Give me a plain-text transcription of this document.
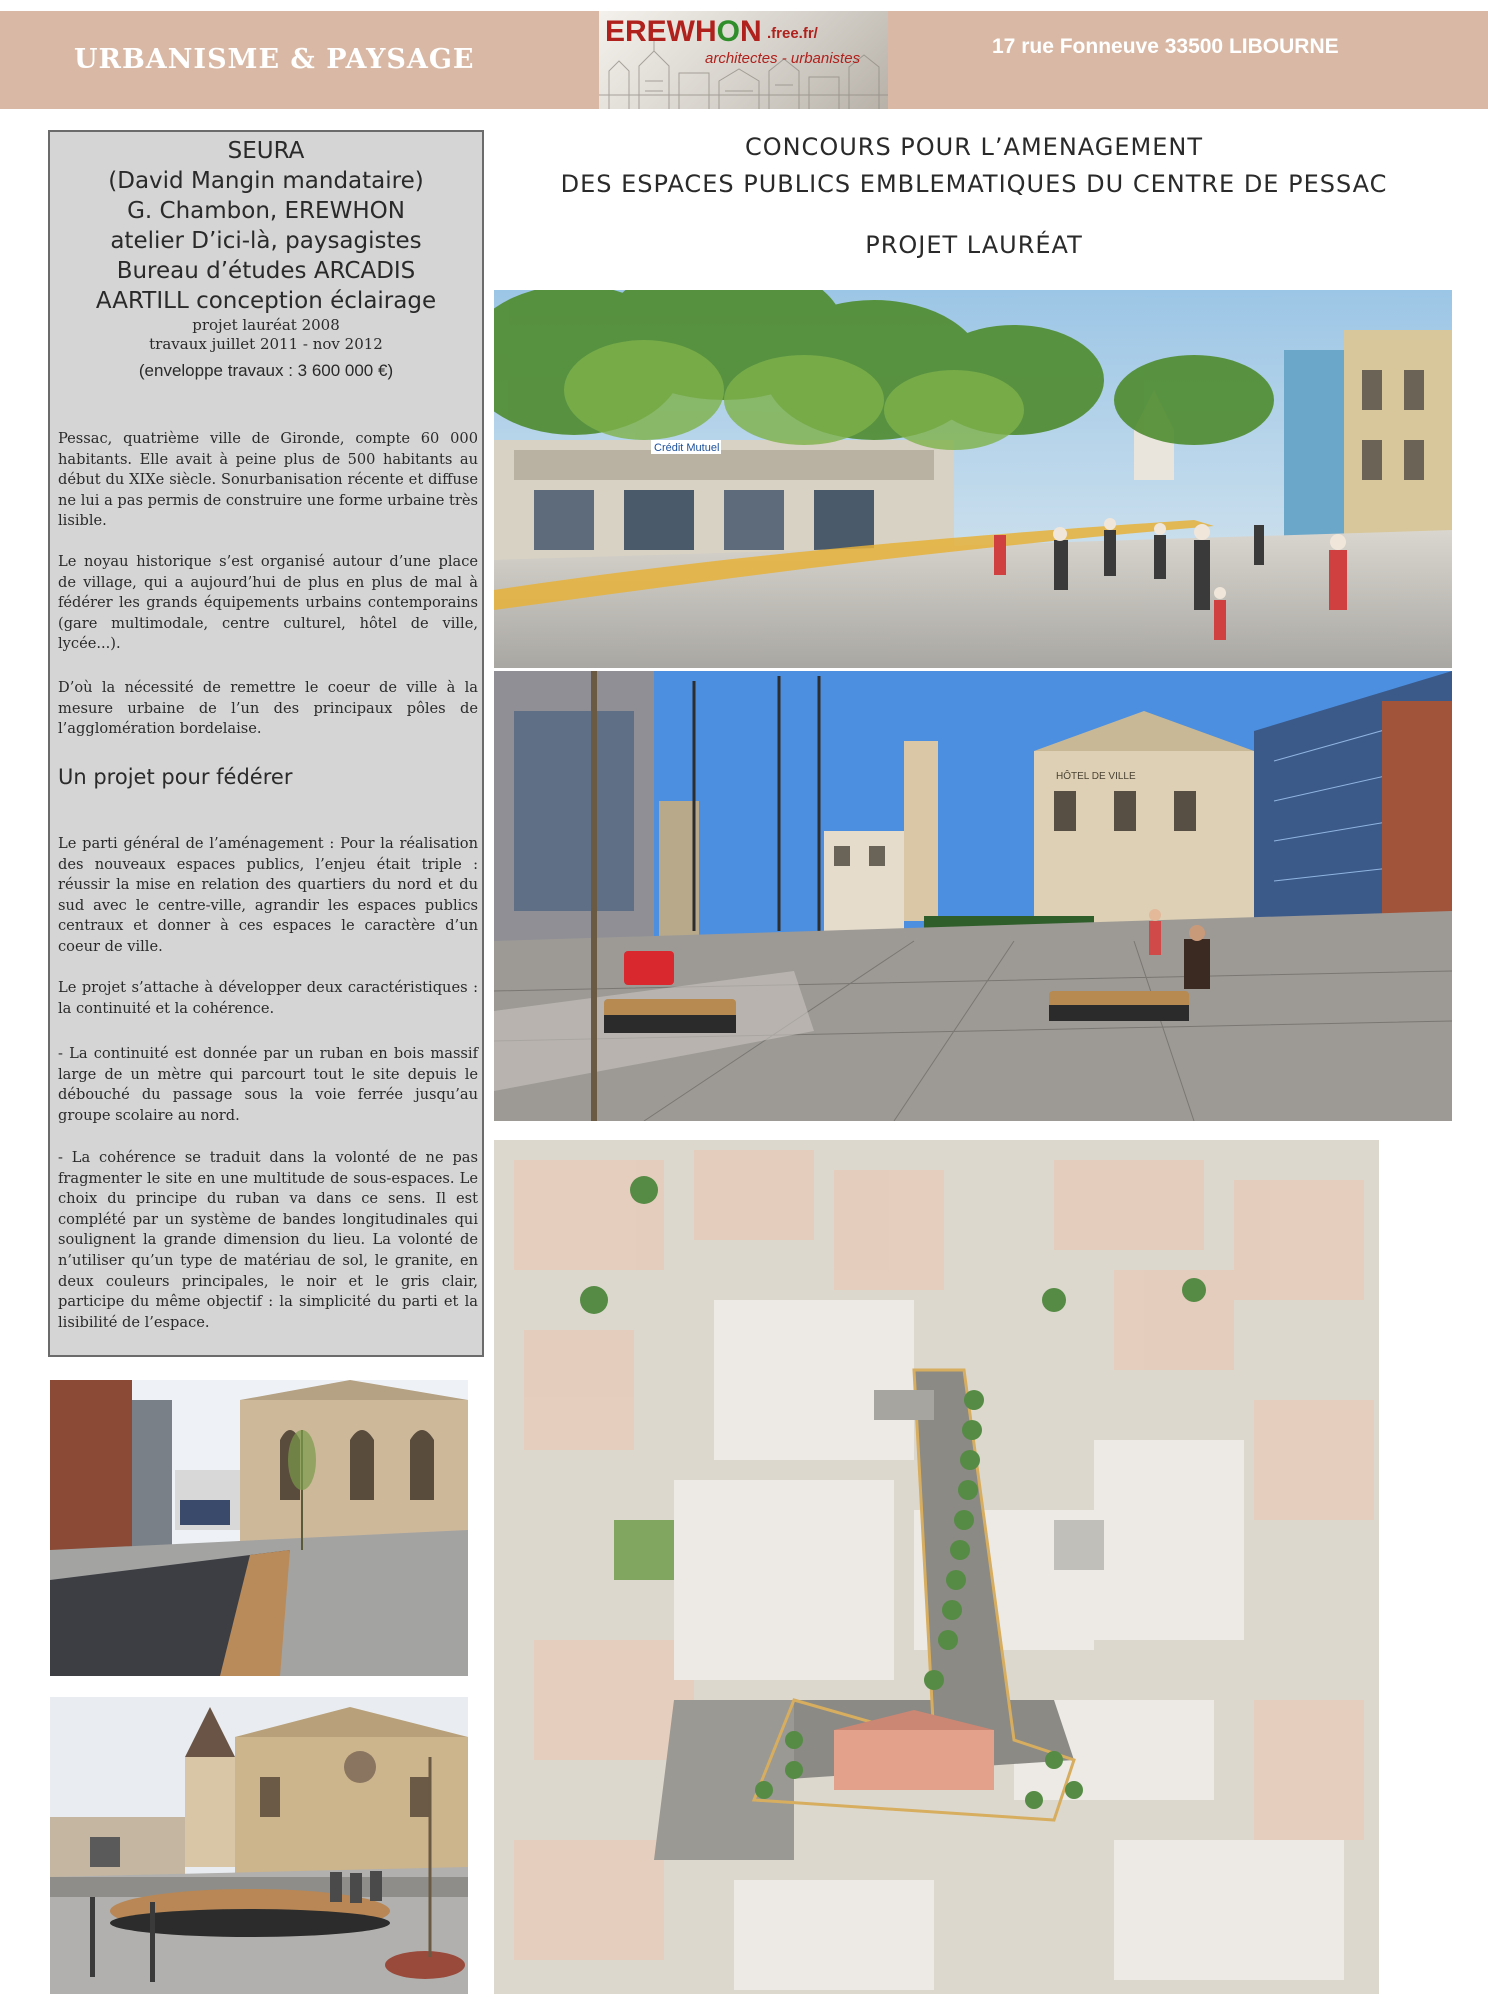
URBANISME & PAYSAGE	17 rue Fonneuve 33500 LIBOURNE
EREWHON .free.fr/
architectes - urbanistes
SEURA
(David Mangin mandataire)
G. Chambon, EREWHON
atelier D’ici-là, paysagistes
Bureau d’études ARCADIS
AARTILL conception éclairage
projet lauréat 2008
travaux juillet 2011 - nov 2012
(enveloppe travaux : 3 600 000 €)
Pessac, quatrième ville de Gironde, compte 60 000 habitants. Elle avait à peine plus de 500 habitants au début du XIXe siècle. Sonurbanisation récente et diffuse ne lui a pas permis de construire une forme urbaine très lisible.
Le noyau historique s’est organisé autour d’une place de village, qui a aujourd’hui de plus en plus de mal à fédérer les grands équipements urbains contemporains (gare multimodale, centre culturel, hôtel de ville, lycée...).
D’où la nécessité de remettre le coeur de ville à la mesure urbaine de l’un des principaux pôles de l’agglomération bordelaise.
Un projet pour fédérer
Le parti général de l’aménagement : Pour la réalisation des nouveaux espaces publics, l’enjeu était triple : réussir la mise en relation des quartiers du nord et du sud avec le centre-ville, agrandir les espaces publics centraux et donner à ces espaces le caractère d’un coeur de ville.
Le projet s’attache à développer deux caractéristiques : la continuité et la cohérence.
- La continuité est donnée par un ruban en bois massif large de un mètre qui parcourt tout le site depuis le débouché du passage sous la voie ferrée jusqu’au groupe scolaire au nord.
- La cohérence se traduit dans la volonté de ne pas fragmenter le site en une multitude de sous-espaces. Le choix du principe du ruban va dans ce sens. Il est complété par un système de bandes longitudinales qui soulignent la grande dimension du lieu. La volonté de n’utiliser qu’un type de matériau de sol, le granite, en deux couleurs principales, le noir et le gris clair, participe du même objectif : la simplicité du parti et la lisibilité de l’espace.
CONCOURS POUR L’AMENAGEMENT
DES ESPACES PUBLICS EMBLEMATIQUES DU CENTRE DE PESSAC
PROJET LAURÉAT
Crédit Mutuel
HÔTEL DE VILLE
